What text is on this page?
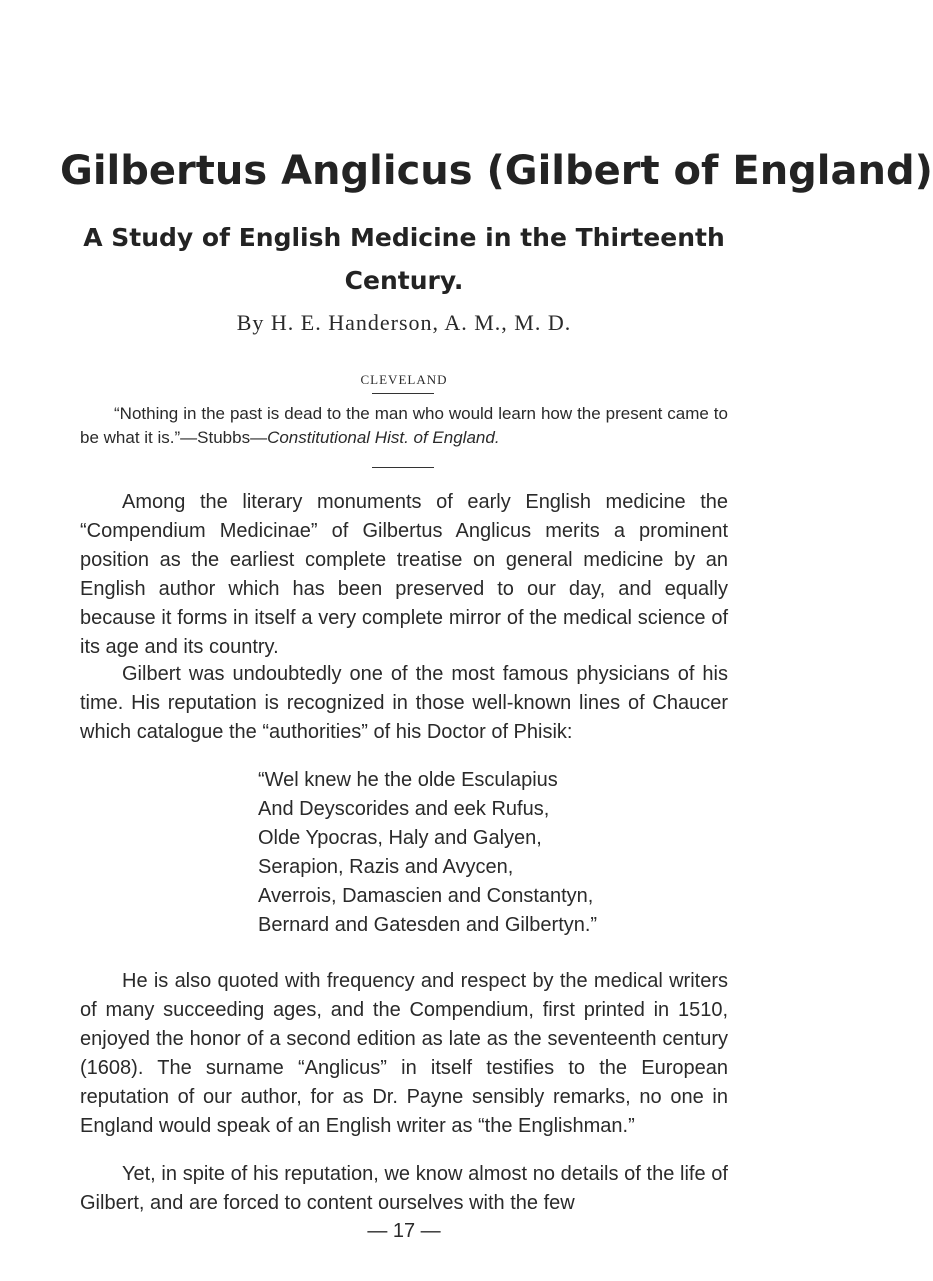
Gilbertus Anglicus (Gilbert of England)
A Study of English Medicine in the Thirteenth Century.

By H. E. Handerson, A. M., M. D.

CLEVELAND

“Nothing in the past is dead to the man who would learn how the present came to be what it is.”—Stubbs—Constitutional Hist. of England.

Among the literary monuments of early English medicine the “Compendium Medicinae” of Gilbertus Anglicus merits a prominent position as the earliest complete treatise on general medicine by an English author which has been preserved to our day, and equally because it forms in itself a very complete mirror of the medical science of its age and its country.

Gilbert was undoubtedly one of the most famous physicians of his time. His reputation is recognized in those well-known lines of Chaucer which catalogue the “authorities” of his Doctor of Phisik:

“Wel knew he the olde Esculapius
And Deyscorides and eek Rufus,
Olde Ypocras, Haly and Galyen,
Serapion, Razis and Avycen,
Averrois, Damascien and Constantyn,
Bernard and Gatesden and Gilbertyn.”

He is also quoted with frequency and respect by the medical writers of many succeeding ages, and the Compendium, first printed in 1510, enjoyed the honor of a second edition as late as the seventeenth century (1608). The surname “Anglicus” in itself testifies to the European reputation of our author, for as Dr. Payne sensibly remarks, no one in England would speak of an English writer as “the Englishman.”

Yet, in spite of his reputation, we know almost no details of the life of Gilbert, and are forced to content ourselves with the few

— 17 —
